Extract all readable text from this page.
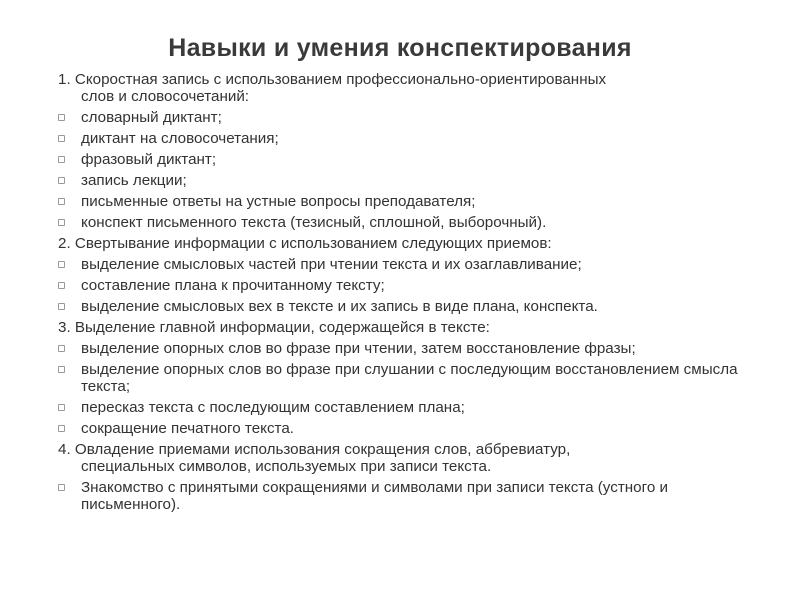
Навыки и умения конспектирования
1. Скоростная запись с использованием профессионально-ориентированных
слов и словосочетаний:
словарный диктант;
диктант на словосочетания;
фразовый диктант;
запись лекции;
письменные ответы на устные вопросы преподавателя;
конспект письменного текста (тезисный, сплошной, выборочный).
2. Свертывание информации с использованием следующих приемов:
выделение смысловых частей при чтении текста и их озаглавливание;
составление плана к прочитанному тексту;
выделение смысловых вех в тексте и их запись в виде плана, конспекта.
3. Выделение главной информации, содержащейся в тексте:
выделение опорных слов во фразе при чтении, затем восстановление фразы;
выделение опорных слов во фразе при слушании с последующим восстановлением смысла текста;
пересказ текста с последующим составлением плана;
сокращение печатного текста.
4. Овладение приемами использования сокращения слов, аббревиатур,
специальных символов, используемых при записи текста.
Знакомство с принятыми сокращениями и символами при записи текста (устного и письменного).
